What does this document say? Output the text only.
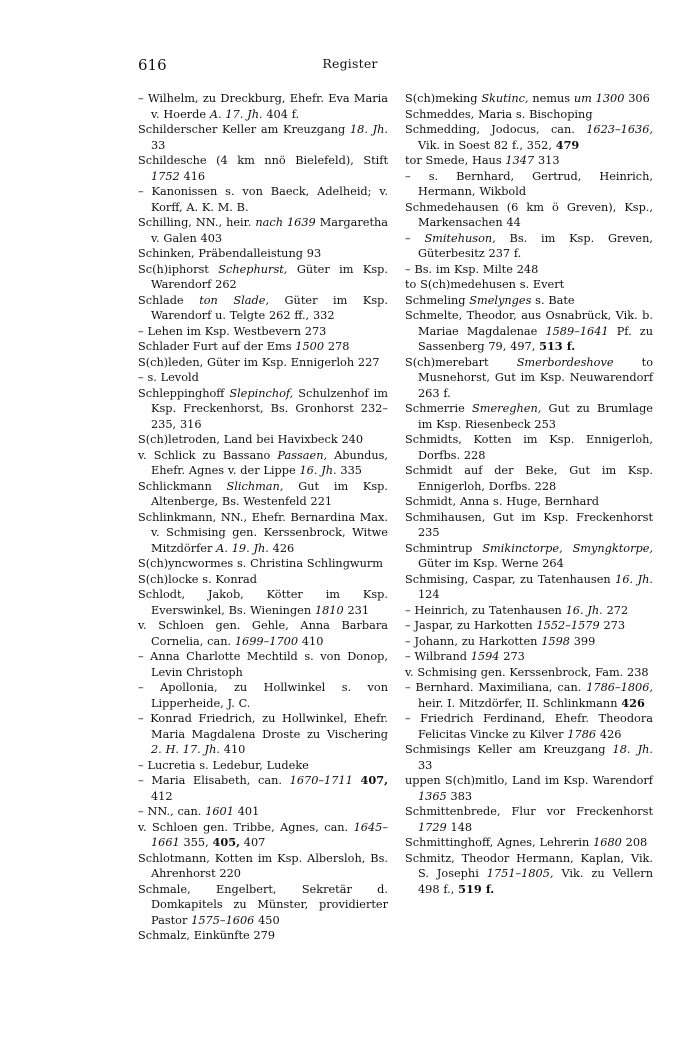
616	Register

– Wilhelm, zu Dreckburg, Ehefr. Eva Maria v. Hoerde A. 17. Jh. 404 f.

Schilderscher Keller am Kreuzgang 18. Jh. 33

Schildesche (4 km nnö Bielefeld), Stift 1752 416

– Kanonissen s. von Baeck, Adelheid; v. Korff, A. K. M. B.

Schilling, NN., heir. nach 1639 Margaretha v. Galen 403

Schinken, Präbendalleistung 93

Sc(h)iphorst Schephurst, Güter im Ksp. Warendorf 262

Schlade ton Slade, Güter im Ksp. Warendorf u. Telgte 262 ff., 332

– Lehen im Ksp. Westbevern 273

Schlader Furt auf der Ems 1500 278

S(ch)leden, Güter im Ksp. Ennigerloh 227

– s. Levold

Schleppinghoff Slepinchof, Schulzenhof im Ksp. Freckenhorst, Bs. Gronhorst 232–235, 316

S(ch)letroden, Land bei Havixbeck 240

v. Schlick zu Bassano Passaen, Abundus, Ehefr. Agnes v. der Lippe 16. Jh. 335

Schlickmann Slichman, Gut im Ksp. Altenberge, Bs. Westenfeld 221

Schlinkmann, NN., Ehefr. Bernardina Max. v. Schmising gen. Kerssenbrock, Witwe Mitzdörfer A. 19. Jh. 426

S(ch)yncwormes s. Christina Schlingwurm

S(ch)locke s. Konrad

Schlodt, Jakob, Kötter im Ksp. Everswinkel, Bs. Wieningen 1810 231

v. Schloen gen. Gehle, Anna Barbara Cornelia, can. 1699–1700 410

– Anna Charlotte Mechtild s. von Donop, Levin Christoph

– Apollonia, zu Hollwinkel s. von Lipperheide, J. C.

– Konrad Friedrich, zu Hollwinkel, Ehefr. Maria Magdalena Droste zu Vischering 2. H. 17. Jh. 410

– Lucretia s. Ledebur, Ludeke

– Maria Elisabeth, can. 1670–1711 407, 412

– NN., can. 1601 401

v. Schloen gen. Tribbe, Agnes, can. 1645–1661 355, 405, 407

Schlotmann, Kotten im Ksp. Albersloh, Bs. Ahrenhorst 220

Schmale, Engelbert, Sekretär d. Domkapitels zu Münster, providierter Pastor 1575–1606 450

Schmalz, Einkünfte 279

S(ch)meking Skutinc, nemus um 1300 306

Schmeddes, Maria s. Bischoping

Schmedding, Jodocus, can. 1623–1636, Vik. in Soest 82 f., 352, 479

tor Smede, Haus 1347 313

– s. Bernhard, Gertrud, Heinrich, Hermann, Wikbold

Schmedehausen (6 km ö Greven), Ksp., Markensachen 44

– Smitehuson, Bs. im Ksp. Greven, Güterbesitz 237 f.

– Bs. im Ksp. Milte 248

to S(ch)medehusen s. Evert

Schmeling Smelynges s. Bate

Schmelte, Theodor, aus Osnabrück, Vik. b. Mariae Magdalenae 1589–1641 Pf. zu Sassenberg 79, 497, 513 f.

S(ch)merebart Smerbordeshove to Musnehorst, Gut im Ksp. Neuwarendorf 263 f.

Schmerrie Smereghen, Gut zu Brumlage im Ksp. Riesenbeck 253

Schmidts, Kotten im Ksp. Ennigerloh, Dorfbs. 228

Schmidt auf der Beke, Gut im Ksp. Ennigerloh, Dorfbs. 228

Schmidt, Anna s. Huge, Bernhard

Schmihausen, Gut im Ksp. Freckenhorst 235

Schmintrup Smikinctorpe, Smyngktorpe, Güter im Ksp. Werne 264

Schmising, Caspar, zu Tatenhausen 16. Jh. 124

– Heinrich, zu Tatenhausen 16. Jh. 272

– Jaspar, zu Harkotten 1552–1579 273

– Johann, zu Harkotten 1598 399

– Wilbrand 1594 273

v. Schmising gen. Kerssenbrock, Fam. 238

– Bernhard. Maximiliana, can. 1786–1806, heir. I. Mitzdörfer, II. Schlinkmann 426

– Friedrich Ferdinand, Ehefr. Theodora Felicitas Vincke zu Kilver 1786 426

Schmisings Keller am Kreuzgang 18. Jh. 33

uppen S(ch)mitlo, Land im Ksp. Warendorf 1365 383

Schmittenbrede, Flur vor Freckenhorst 1729 148

Schmittinghoff, Agnes, Lehrerin 1680 208

Schmitz, Theodor Hermann, Kaplan, Vik. S. Josephi 1751–1805, Vik. zu Vellern 498 f., 519 f.
